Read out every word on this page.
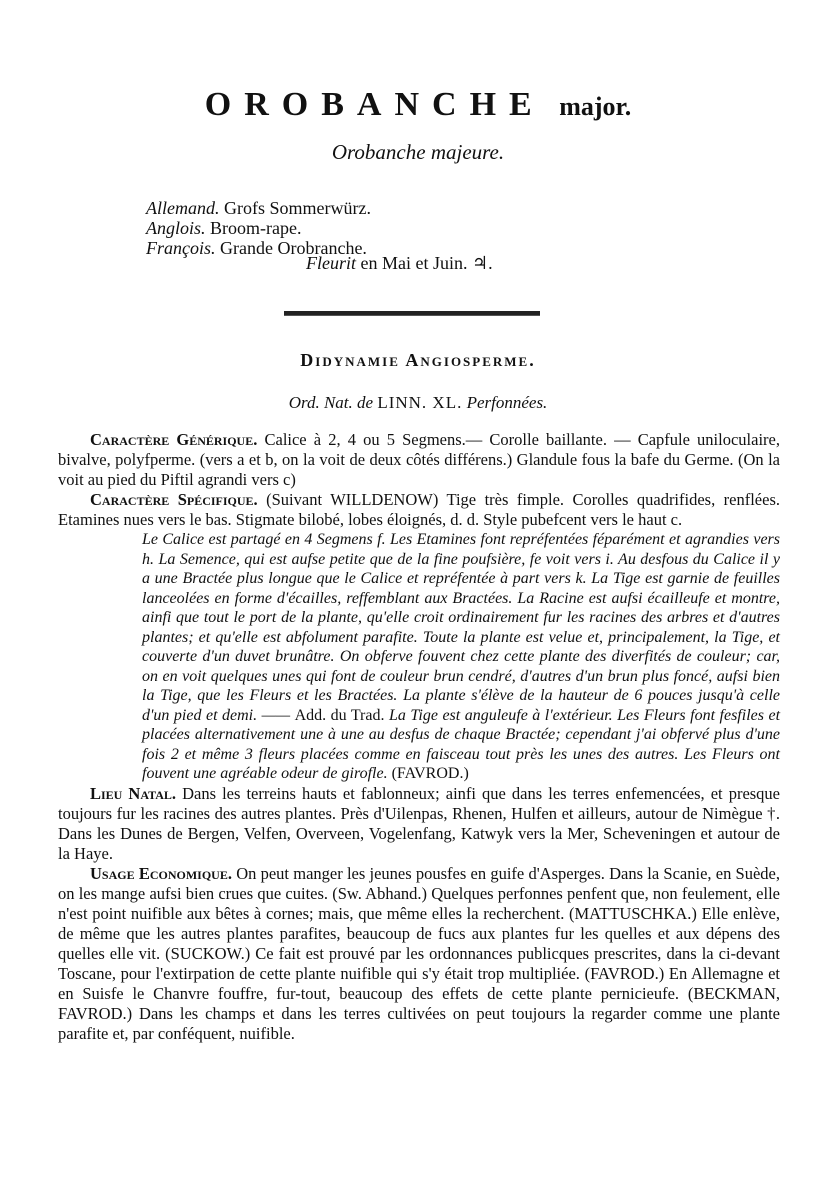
OROBANCHE major.
Orobanche majeure.
Allemand. Grofs Sommerwürz.
Anglois. Broom-rape.
François. Grande Orobranche.
Fleurit en Mai et Juin. ♃.
Didynamie Angiosperme.
Ord. Nat. de LINN. XL. Perfonnées.

Caractère Générique. Calice à 2, 4 ou 5 Segmens.— Corolle baillante. — Capfule uniloculaire, bivalve, polyfperme. (vers a et b, on la voit de deux côtés différens.) Glandule fous la bafe du Germe. (On la voit au pied du Piftil agrandi vers c)

Caractère Spécifique. (Suivant WILLDENOW) Tige très fimple. Corolles quadrifides, renflées. Etamines nues vers le bas. Stigmate bilobé, lobes éloignés, d. d. Style pubefcent vers le haut c.

Le Calice est partagé en 4 Segmens f. Les Etamines font repréfentées féparément et agrandies vers h. La Semence, qui est aufse petite que de la fine poufsière, fe voit vers i. Au desfous du Calice il y a une Bractée plus longue que le Calice et repréfentée à part vers k. La Tige est garnie de feuilles lanceolées en forme d'écailles, reffemblant aux Bractées. La Racine est aufsi écailleufe et montre, ainfi que tout le port de la plante, qu'elle croit ordinairement fur les racines des arbres et d'autres plantes; et qu'elle est abfolument parafite. Toute la plante est velue et, principalement, la Tige, et couverte d'un duvet brunâtre. On obferve fouvent chez cette plante des diverfités de couleur; car, on en voit quelques unes qui font de couleur brun cendré, d'autres d'un brun plus foncé, aufsi bien la Tige, que les Fleurs et les Bractées. La plante s'élève de la hauteur de 6 pouces jusqu'à celle d'un pied et demi. —— Add. du Trad. La Tige est anguleufe à l'extérieur. Les Fleurs font fesfiles et placées alternativement une à une au desfus de chaque Bractée; cependant j'ai obfervé plus d'une fois 2 et même 3 fleurs placées comme en faisceau tout près les unes des autres. Les Fleurs ont fouvent une agréable odeur de girofle. (FAVROD.)

Lieu Natal. Dans les terreins hauts et fablonneux; ainfi que dans les terres enfemencées, et presque toujours fur les racines des autres plantes. Près d'Uilenpas, Rhenen, Hulfen et ailleurs, autour de Nimègue †. Dans les Dunes de Bergen, Velfen, Overveen, Vogelenfang, Katwyk vers la Mer, Scheveningen et autour de la Haye.

Usage Economique. On peut manger les jeunes pousfes en guife d'Asperges. Dans la Scanie, en Suède, on les mange aufsi bien crues que cuites. (Sw. Abhand.) Quelques perfonnes penfent que, non feulement, elle n'est point nuifible aux bêtes à cornes; mais, que même elles la recherchent. (MATTUSCHKA.) Elle enlève, de même que les autres plantes parafites, beaucoup de fucs aux plantes fur les quelles et aux dépens des quelles elle vit. (SUCKOW.) Ce fait est prouvé par les ordonnances publicques prescrites, dans la ci-devant Toscane, pour l'extirpation de cette plante nuifible qui s'y était trop multipliée. (FAVROD.) En Allemagne et en Suisfe le Chanvre fouffre, fur-tout, beaucoup des effets de cette plante pernicieufe. (BECKMAN, FAVROD.) Dans les champs et dans les terres cultivées on peut toujours la regarder comme une plante parafite et, par conféquent, nuifible.
